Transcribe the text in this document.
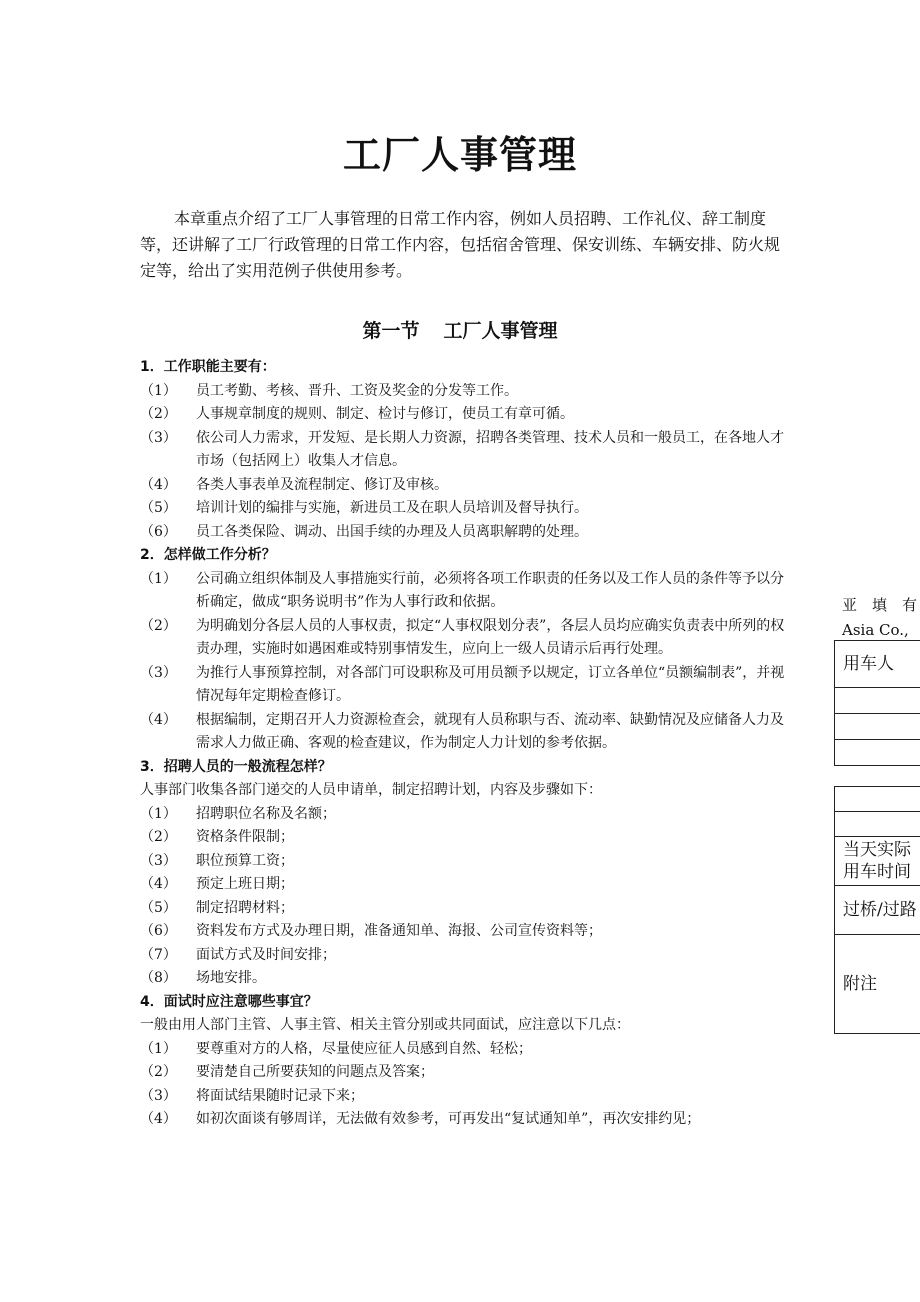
工厂人事管理

本章重点介绍了工厂人事管理的日常工作内容，例如人员招聘、工作礼仪、辞工制度等，还讲解了工厂行政管理的日常工作内容，包括宿舍管理、保安训练、车辆安排、防火规定等，给出了实用范例子供使用参考。

第一节 工厂人事管理
1．工作职能主要有：
（1）	员工考勤、考核、晋升、工资及奖金的分发等工作。
（2）	人事规章制度的规则、制定、检讨与修订，使员工有章可循。
（3）	依公司人力需求，开发短、是长期人力资源，招聘各类管理、技术人员和一般员工，在各地人才市场（包括网上）收集人才信息。
（4）	各类人事表单及流程制定、修订及审核。
（5）	培训计划的编排与实施，新进员工及在职人员培训及督导执行。
（6）	员工各类保险、调动、出国手续的办理及人员离职解聘的处理。
2．怎样做工作分析？
（1）	公司确立组织体制及人事措施实行前，必须将各项工作职责的任务以及工作人员的条件等予以分析确定，做成“职务说明书”作为人事行政和依据。
（2）	为明确划分各层人员的人事权责，拟定“人事权限划分表”，各层人员均应确实负责表中所列的权责办理，实施时如遇困难或特别事情发生，应向上一级人员请示后再行处理。
（3）	为推行人事预算控制，对各部门可设职称及可用员额予以规定，订立各单位“员额编制表”，并视情况每年定期检查修订。
（4）	根据编制，定期召开人力资源检查会，就现有人员称职与否、流动率、缺勤情况及应储备人力及需求人力做正确、客观的检查建议，作为制定人力计划的参考依据。
3．招聘人员的一般流程怎样？
人事部门收集各部门递交的人员申请单，制定招聘计划，内容及步骤如下：
（1）	招聘职位名称及名额；
（2）	资格条件限制；
（3）	职位预算工资；
（4）	预定上班日期；
（5）	制定招聘材料；
（6）	资料发布方式及办理日期，准备通知单、海报、公司宣传资料等；
（7）	面试方式及时间安排；
（8）	场地安排。
4．面试时应注意哪些事宜？
一般由用人部门主管、人事主管、相关主管分别或共同面试，应注意以下几点：
（1）	要尊重对方的人格，尽量使应征人员感到自然、轻松；
（2）	要清楚自己所要获知的问题点及答案；
（3）	将面试结果随时记录下来；
（4）	如初次面谈有够周详，无法做有效参考，可再发出“复试通知单”，再次安排约见；
亚　填　有
Asia Co.,
用车人
当天实际
用车时间
过桥/过路
附注
